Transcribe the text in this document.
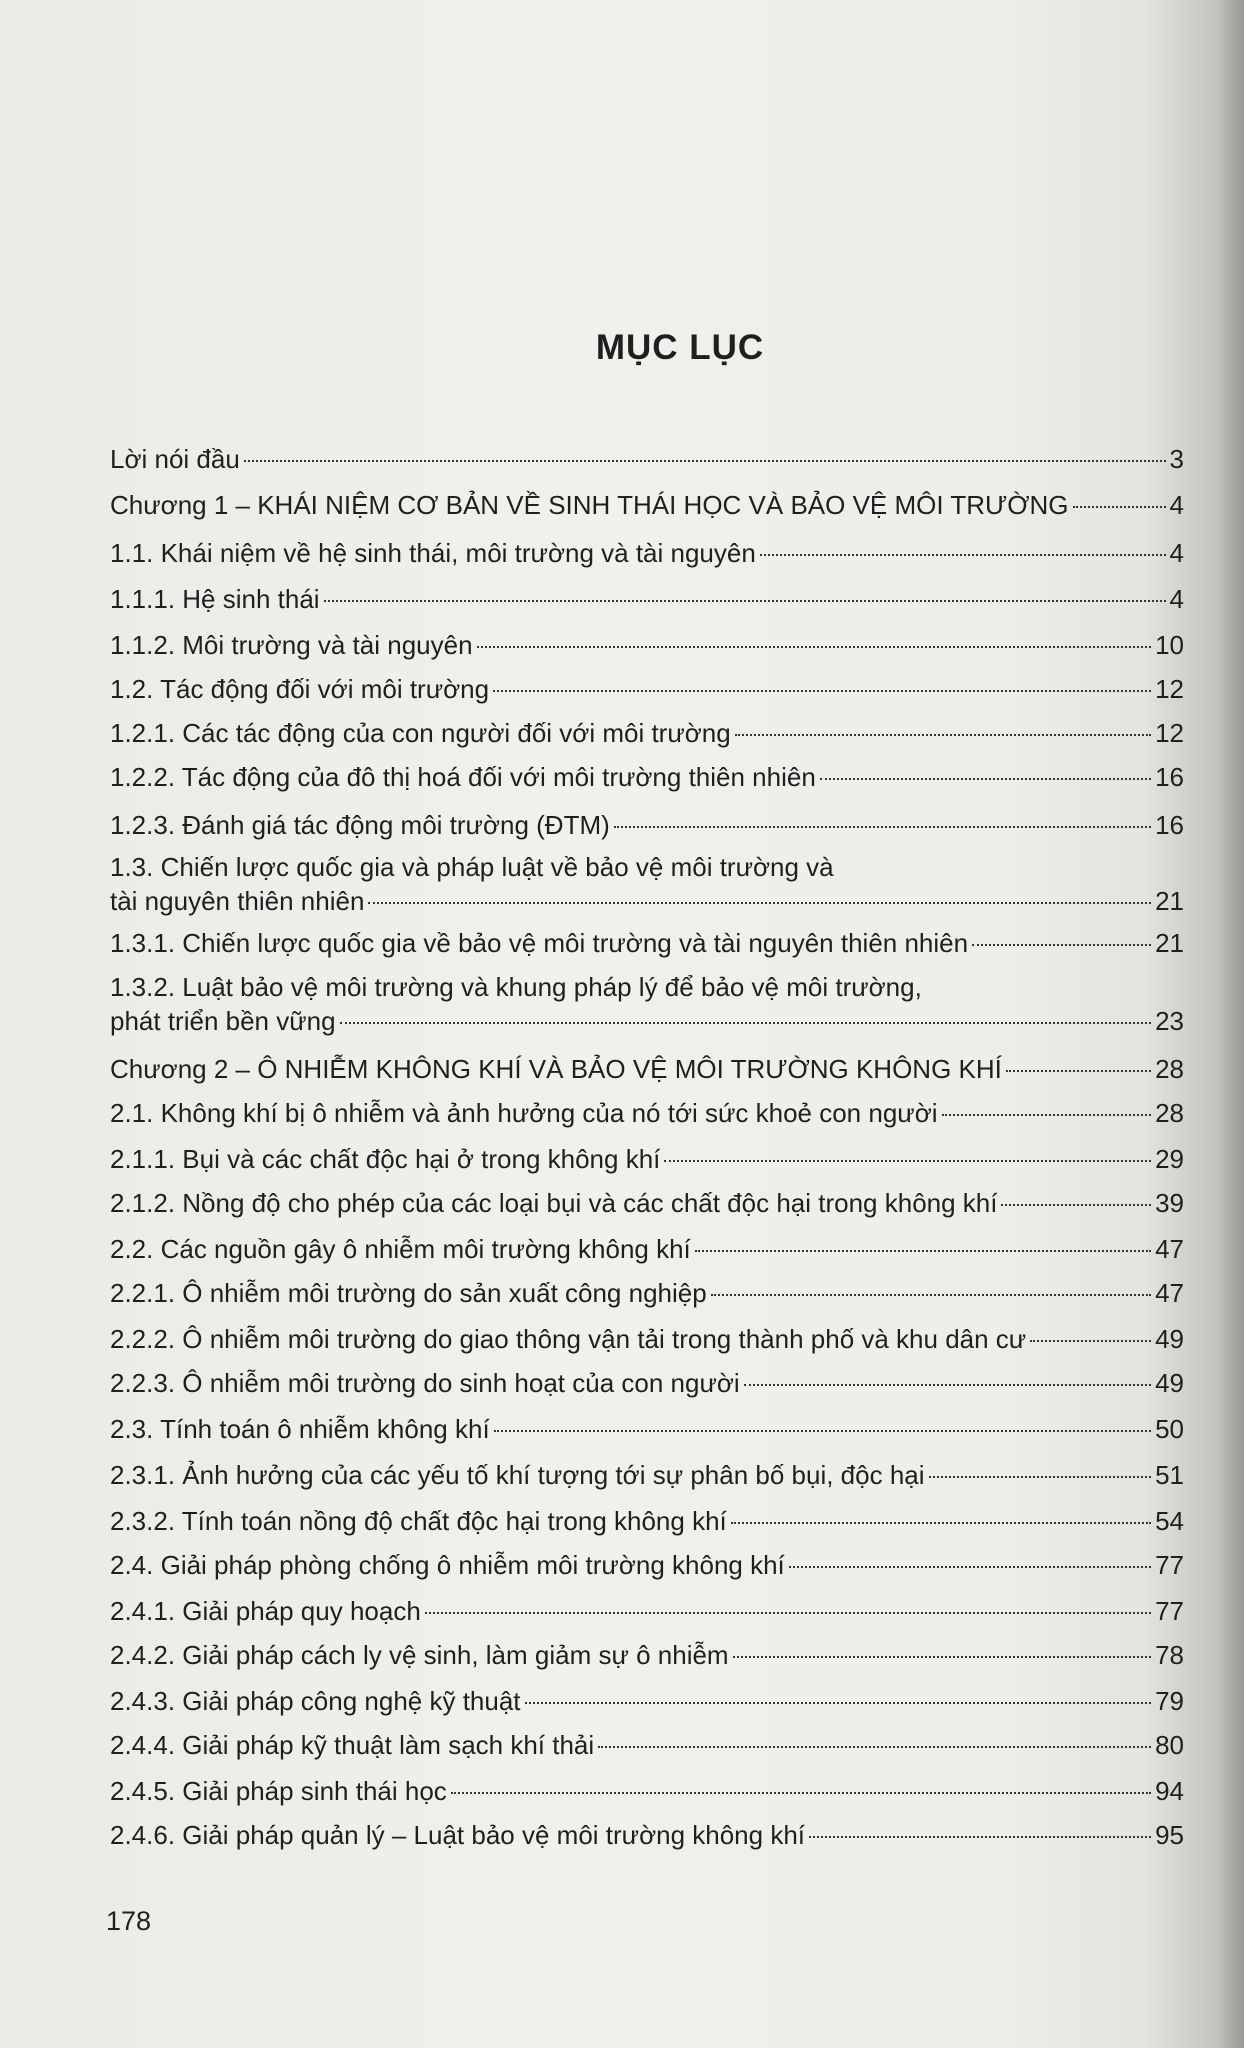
MỤC LỤC
Lời nói đầu	3
Chương 1 – KHÁI NIỆM CƠ BẢN VỀ SINH THÁI HỌC VÀ BẢO VỆ MÔI TRƯỜNG	4
1.1. Khái niệm về hệ sinh thái, môi trường và tài nguyên	4
1.1.1. Hệ sinh thái	4
1.1.2. Môi trường và tài nguyên	10
1.2. Tác động đối với môi trường	12
1.2.1. Các tác động của con người đối với môi trường	12
1.2.2. Tác động của đô thị hoá đối với môi trường thiên nhiên	16
1.2.3. Đánh giá tác động môi trường (ĐTM)	16
1.3. Chiến lược quốc gia và pháp luật về bảo vệ môi trường và
tài nguyên thiên nhiên	21
1.3.1. Chiến lược quốc gia về bảo vệ môi trường và tài nguyên thiên nhiên	21
1.3.2. Luật bảo vệ môi trường và khung pháp lý để bảo vệ môi trường,
phát triển bền vững	23
Chương 2 – Ô NHIỄM KHÔNG KHÍ VÀ BẢO VỆ MÔI TRƯỜNG KHÔNG KHÍ	28
2.1. Không khí bị ô nhiễm và ảnh hưởng của nó tới sức khoẻ con người	28
2.1.1. Bụi và các chất độc hại ở trong không khí	29
2.1.2. Nồng độ cho phép của các loại bụi và các chất độc hại trong không khí	39
2.2. Các nguồn gây ô nhiễm môi trường không khí	47
2.2.1. Ô nhiễm môi trường do sản xuất công nghiệp	47
2.2.2. Ô nhiễm môi trường do giao thông vận tải trong thành phố và khu dân cư	49
2.2.3. Ô nhiễm môi trường do sinh hoạt của con người	49
2.3. Tính toán ô nhiễm không khí	50
2.3.1. Ảnh hưởng của các yếu tố khí tượng tới sự phân bố bụi, độc hại	51
2.3.2. Tính toán nồng độ chất độc hại trong không khí	54
2.4. Giải pháp phòng chống ô nhiễm môi trường không khí	77
2.4.1. Giải pháp quy hoạch	77
2.4.2. Giải pháp cách ly vệ sinh, làm giảm sự ô nhiễm	78
2.4.3. Giải pháp công nghệ kỹ thuật	79
2.4.4. Giải pháp kỹ thuật làm sạch khí thải	80
2.4.5. Giải pháp sinh thái học	94
2.4.6. Giải pháp quản lý – Luật bảo vệ môi trường không khí	95
178
